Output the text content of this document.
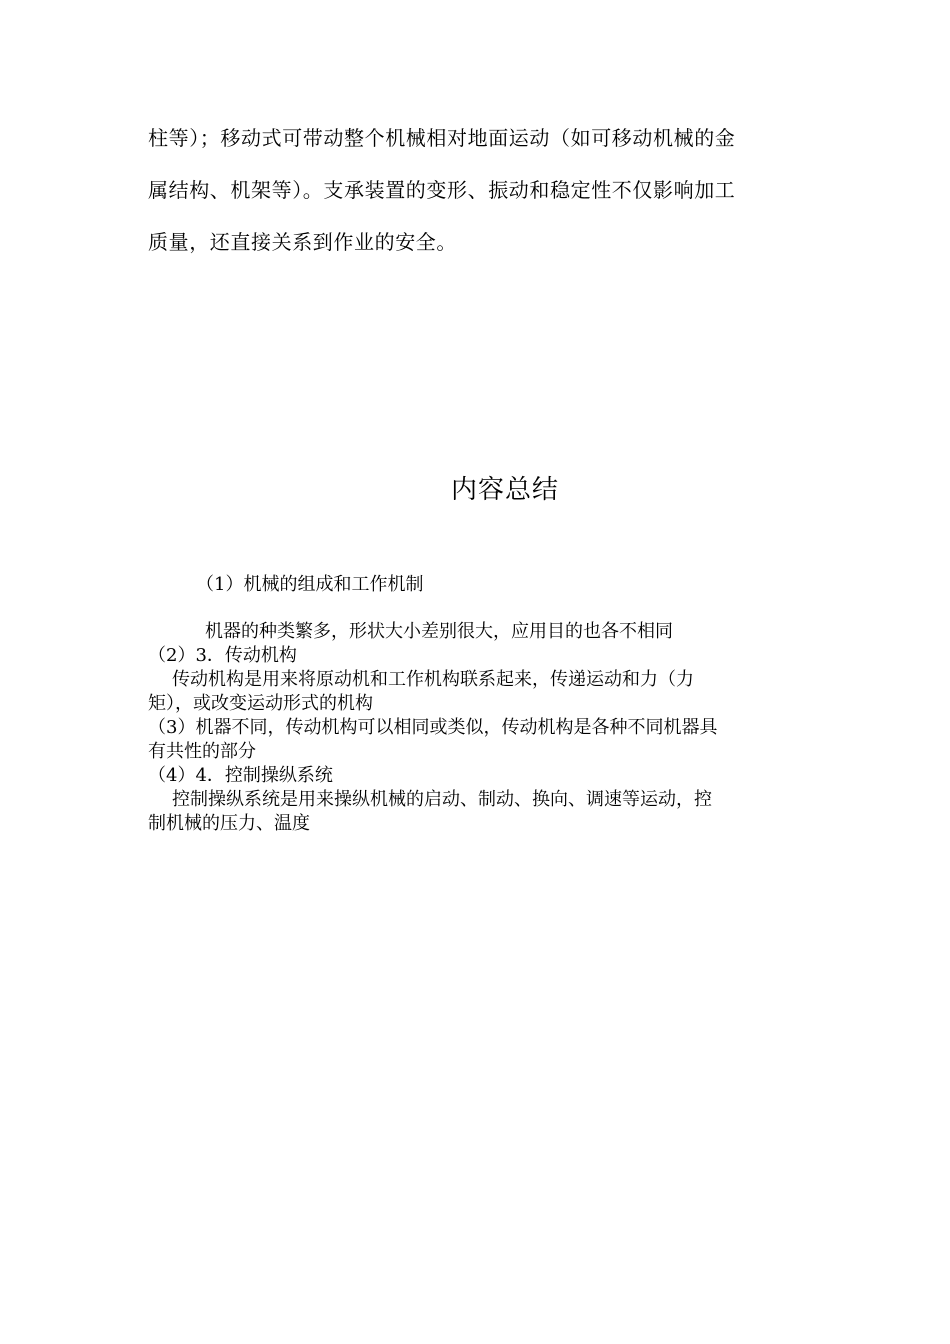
柱等）；移动式可带动整个机械相对地面运动（如可移动机械的金
属结构、机架等）。支承装置的变形、振动和稳定性不仅影响加工
质量，还直接关系到作业的安全。
内容总结
（1）机械的组成和工作机制
机器的种类繁多，形状大小差别很大，应用目的也各不相同
（2）3．传动机构
传动机构是用来将原动机和工作机构联系起来，传递运动和力（力
矩），或改变运动形式的机构
（3）机器不同，传动机构可以相同或类似，传动机构是各种不同机器具
有共性的部分
（4）4．控制操纵系统
控制操纵系统是用来操纵机械的启动、制动、换向、调速等运动，控
制机械的压力、温度
